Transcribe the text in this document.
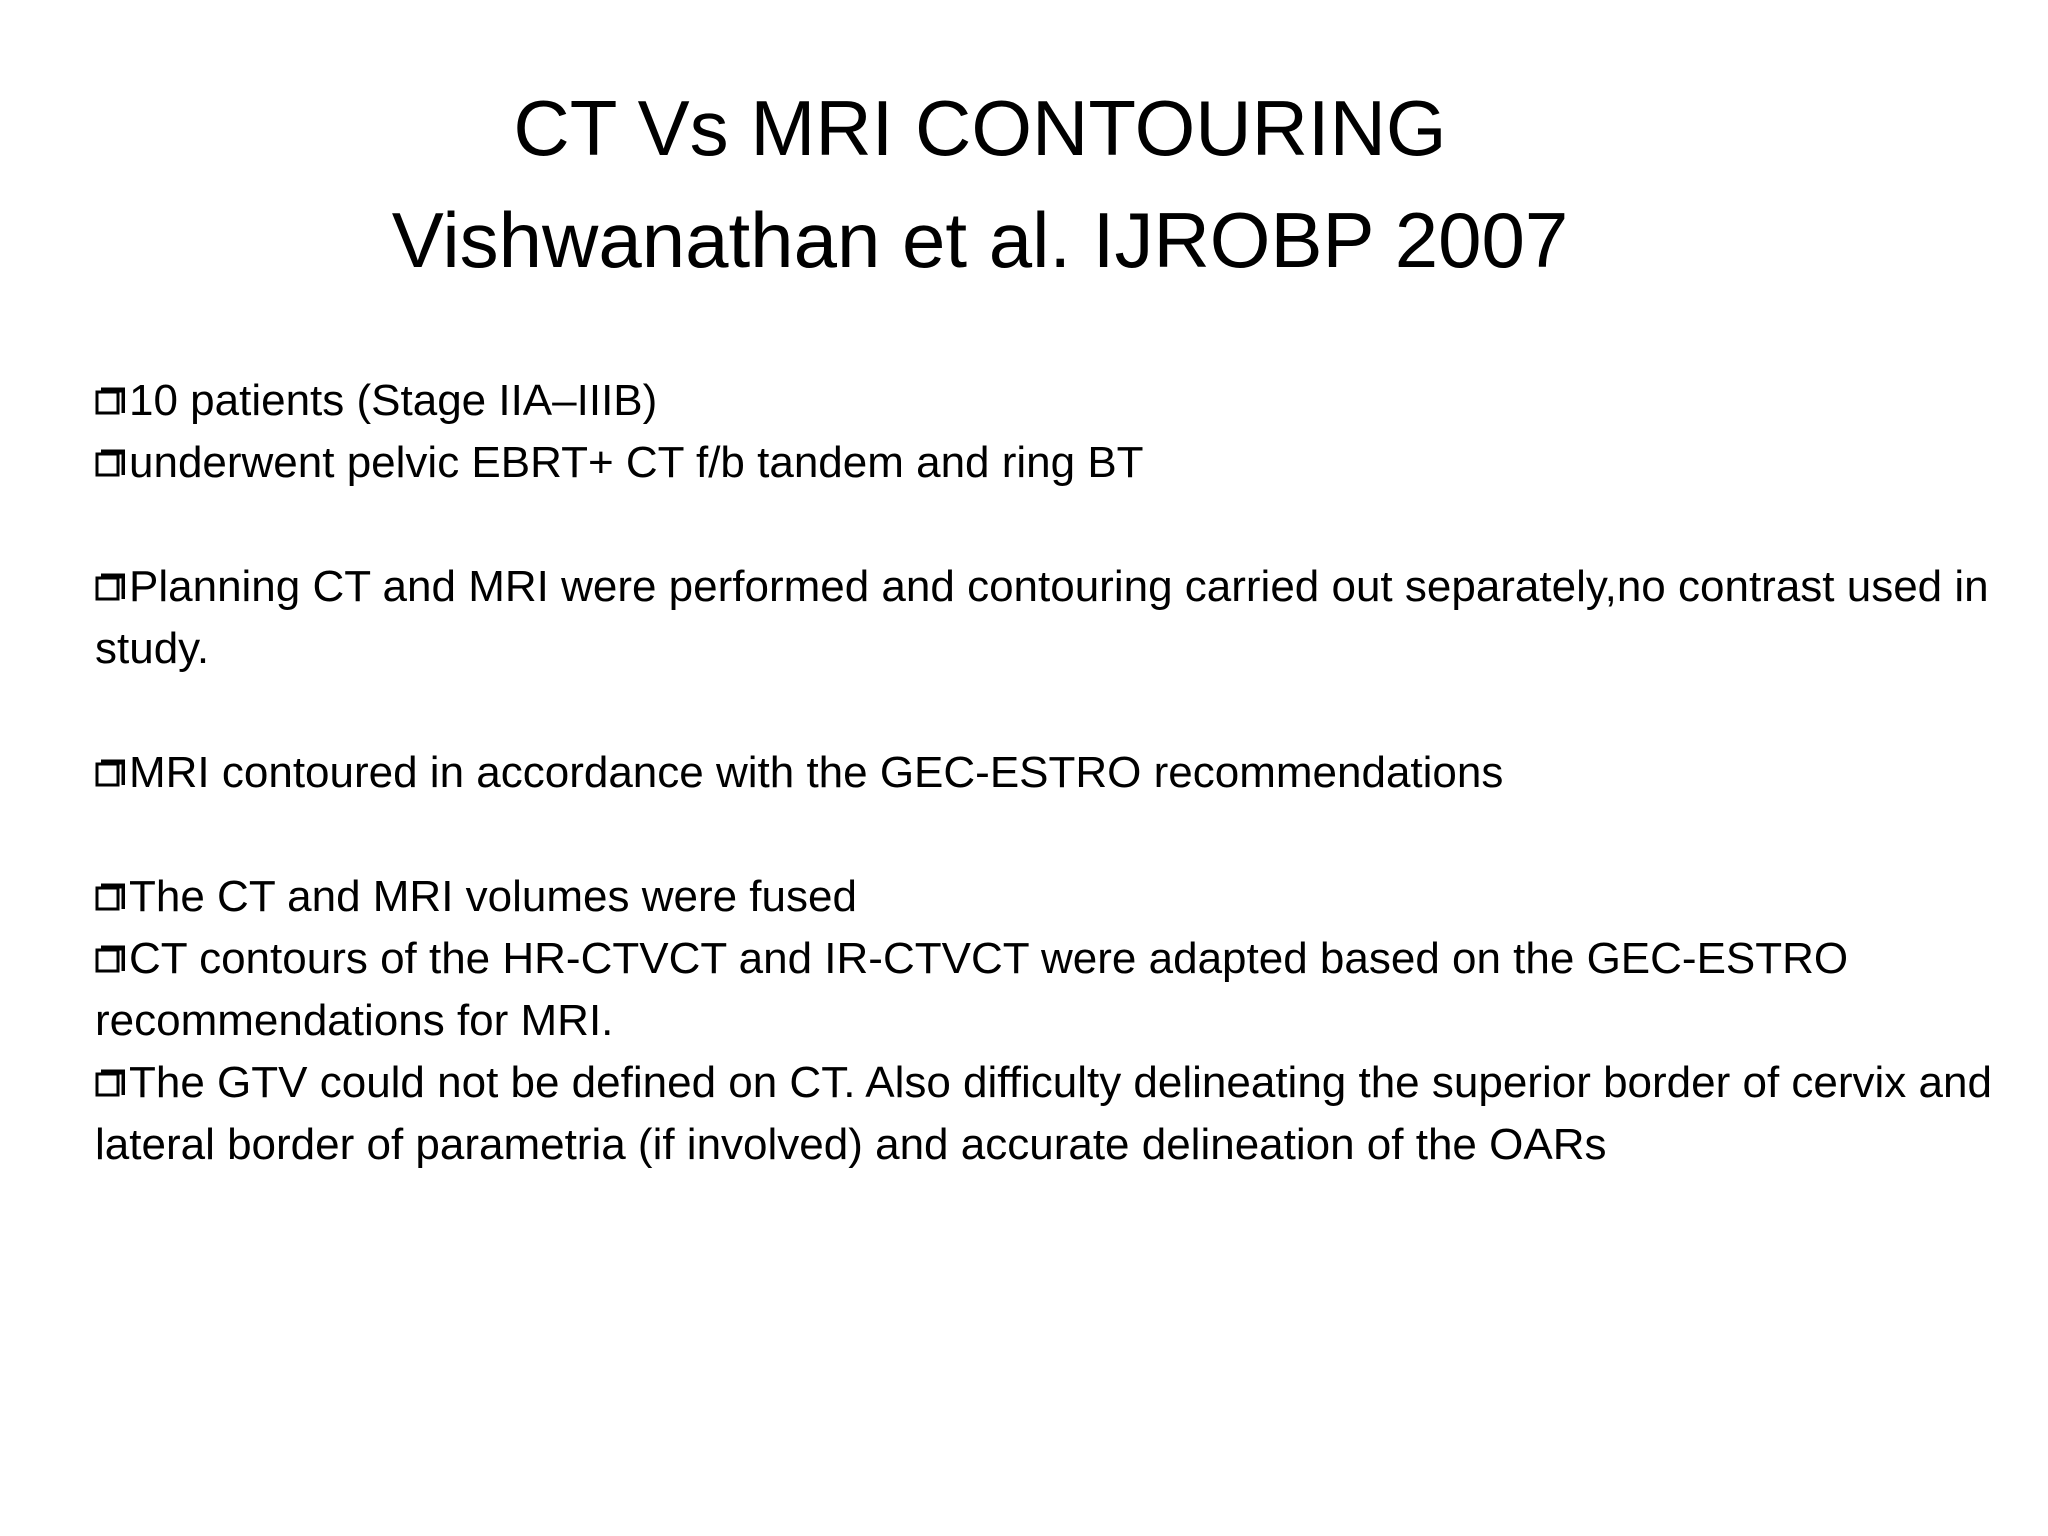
CT Vs MRI CONTOURING
Vishwanathan et al. IJROBP 2007
10 patients (Stage IIA–IIIB)
underwent pelvic EBRT+ CT f/b tandem and ring BT
Planning CT and MRI were performed and contouring carried out separately,no contrast used in study.
MRI contoured in accordance with the GEC-ESTRO recommendations
The CT and MRI volumes were fused
CT contours of the HR-CTVCT and IR-CTVCT were adapted based on the GEC-ESTRO recommendations for MRI.
The GTV could not be defined on CT. Also difficulty delineating the superior border of cervix and lateral border of parametria (if involved) and accurate delineation of the OARs
